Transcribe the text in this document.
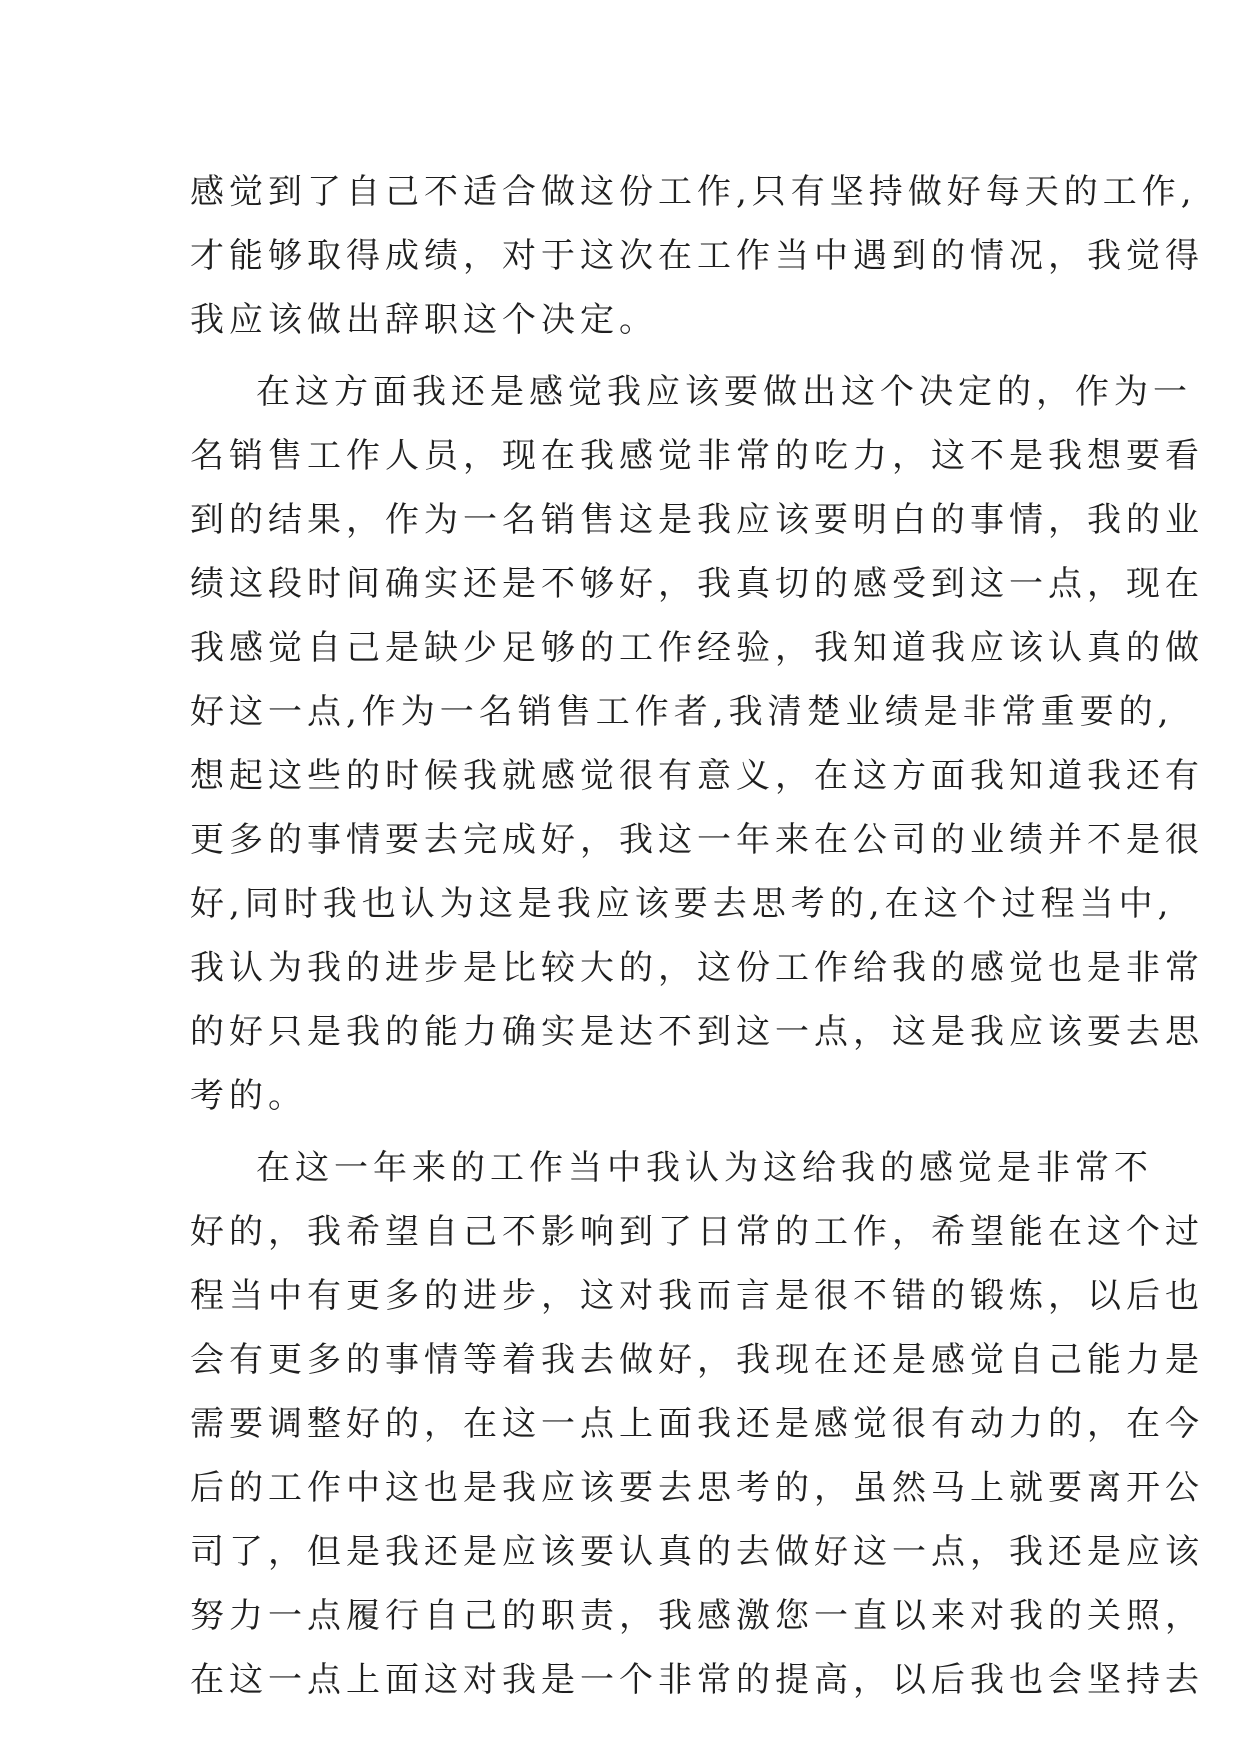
感觉到了自己不适合做这份工作,只有坚持做好每天的工作,
才能够取得成绩，对于这次在工作当中遇到的情况，我觉得
我应该做出辞职这个决定。
在这方面我还是感觉我应该要做出这个决定的，作为一
名销售工作人员，现在我感觉非常的吃力，这不是我想要看
到的结果，作为一名销售这是我应该要明白的事情，我的业
绩这段时间确实还是不够好，我真切的感受到这一点，现在
我感觉自己是缺少足够的工作经验，我知道我应该认真的做
好这一点,作为一名销售工作者,我清楚业绩是非常重要的,
想起这些的时候我就感觉很有意义，在这方面我知道我还有
更多的事情要去完成好，我这一年来在公司的业绩并不是很
好,同时我也认为这是我应该要去思考的,在这个过程当中,
我认为我的进步是比较大的，这份工作给我的感觉也是非常
的好只是我的能力确实是达不到这一点，这是我应该要去思
考的。
在这一年来的工作当中我认为这给我的感觉是非常不
好的，我希望自己不影响到了日常的工作，希望能在这个过
程当中有更多的进步，这对我而言是很不错的锻炼，以后也
会有更多的事情等着我去做好，我现在还是感觉自己能力是
需要调整好的，在这一点上面我还是感觉很有动力的，在今
后的工作中这也是我应该要去思考的，虽然马上就要离开公
司了，但是我还是应该要认真的去做好这一点，我还是应该
努力一点履行自己的职责，我感激您一直以来对我的关照，
在这一点上面这对我是一个非常的提高，以后我也会坚持去
